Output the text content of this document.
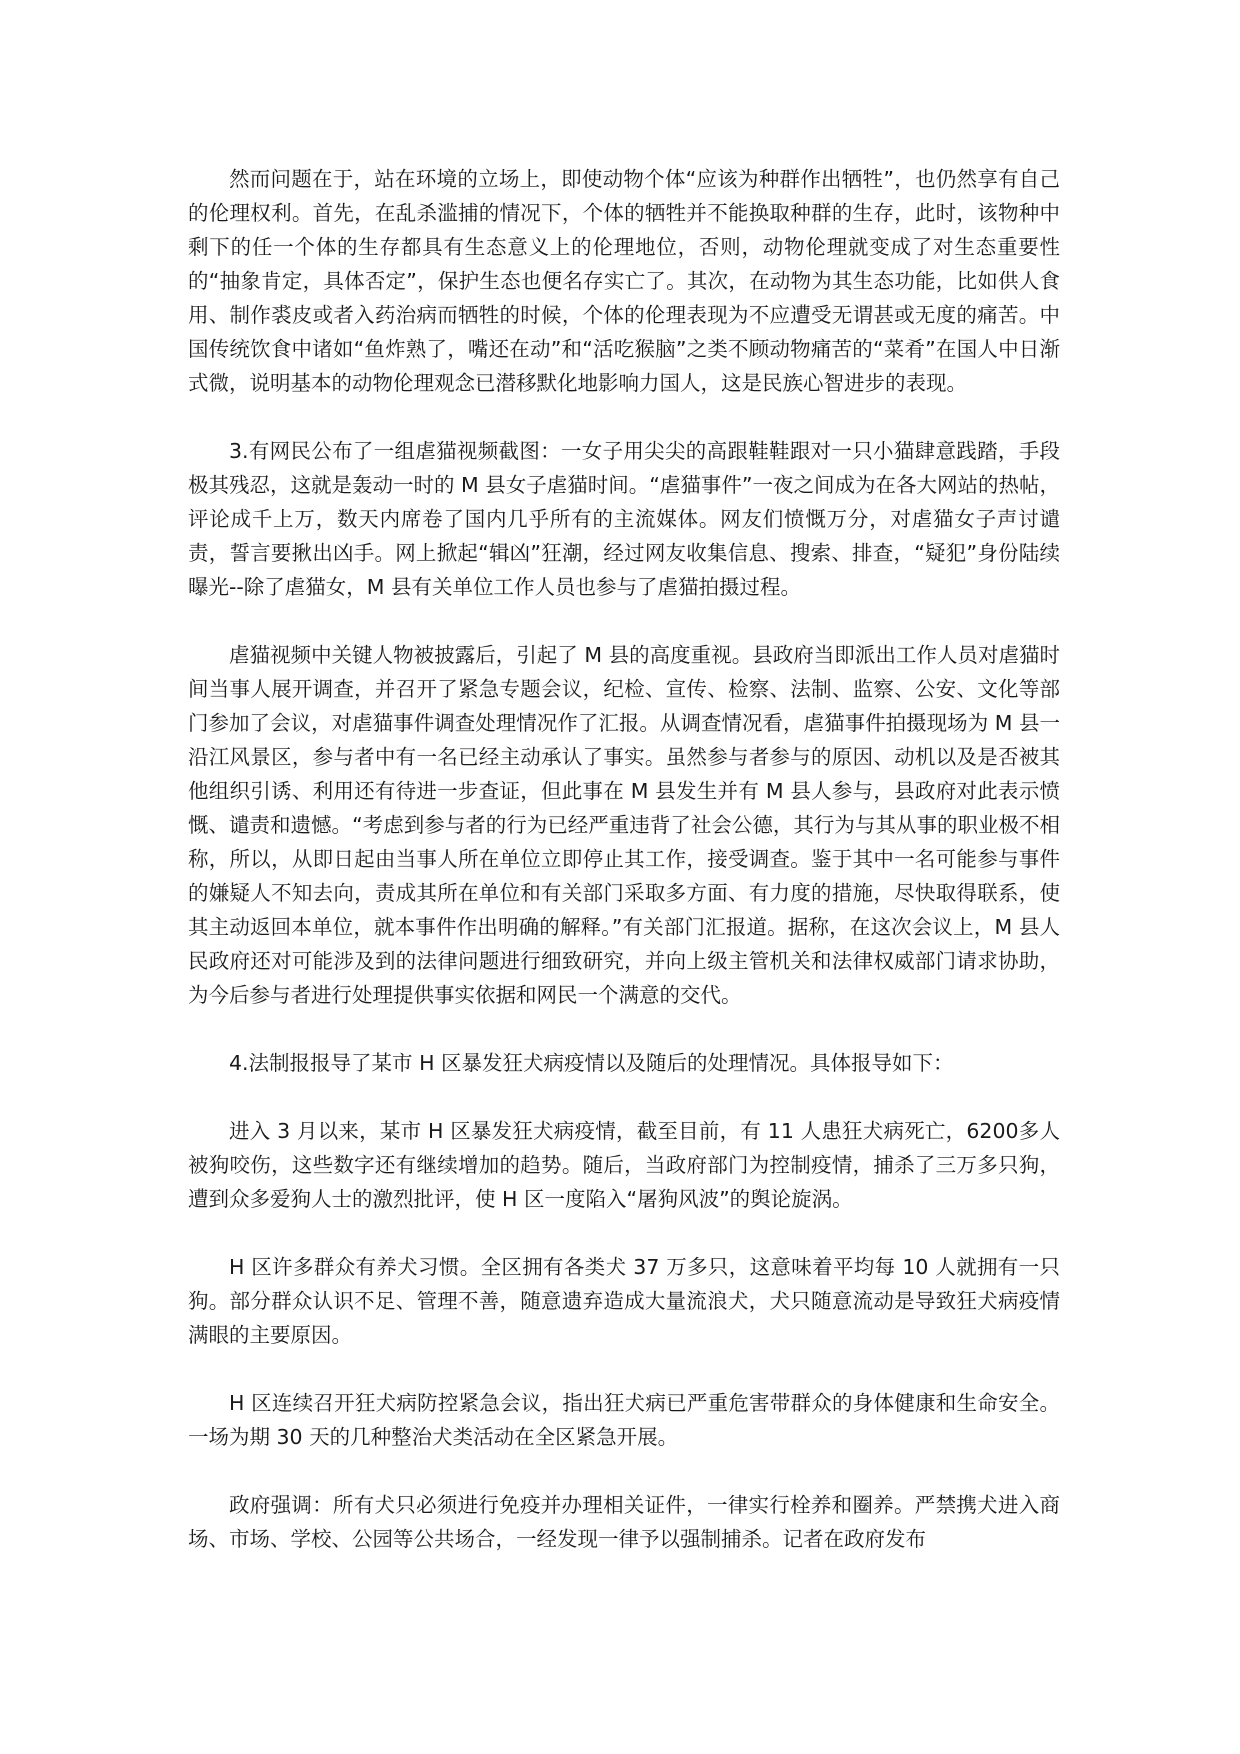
然而问题在于，站在环境的立场上，即使动物个体“应该为种群作出牺牲”，也仍然享有自己的伦理权利。首先，在乱杀滥捕的情况下，个体的牺牲并不能换取种群的生存，此时，该物种中剩下的任一个体的生存都具有生态意义上的伦理地位，否则，动物伦理就变成了对生态重要性的“抽象肯定，具体否定”，保护生态也便名存实亡了。其次，在动物为其生态功能，比如供人食用、制作裘皮或者入药治病而牺牲的时候，个体的伦理表现为不应遭受无谓甚或无度的痛苦。中国传统饮食中诸如“鱼炸熟了，嘴还在动”和“活吃猴脑”之类不顾动物痛苦的“菜肴”在国人中日渐式微，说明基本的动物伦理观念已潜移默化地影响力国人，这是民族心智进步的表现。

3.有网民公布了一组虐猫视频截图：一女子用尖尖的高跟鞋鞋跟对一只小猫肆意践踏，手段极其残忍，这就是轰动一时的 M 县女子虐猫时间。“虐猫事件”一夜之间成为在各大网站的热帖，评论成千上万，数天内席卷了国内几乎所有的主流媒体。网友们愤慨万分，对虐猫女子声讨谴责，誓言要揪出凶手。网上掀起“辑凶”狂潮，经过网友收集信息、搜索、排查，“疑犯”身份陆续曝光--除了虐猫女，M 县有关单位工作人员也参与了虐猫拍摄过程。

虐猫视频中关键人物被披露后，引起了 M 县的高度重视。县政府当即派出工作人员对虐猫时间当事人展开调查，并召开了紧急专题会议，纪检、宣传、检察、法制、监察、公安、文化等部门参加了会议，对虐猫事件调查处理情况作了汇报。从调查情况看，虐猫事件拍摄现场为 M 县一沿江风景区，参与者中有一名已经主动承认了事实。虽然参与者参与的原因、动机以及是否被其他组织引诱、利用还有待进一步查证，但此事在 M 县发生并有 M 县人参与，县政府对此表示愤慨、谴责和遗憾。“考虑到参与者的行为已经严重违背了社会公德，其行为与其从事的职业极不相称，所以，从即日起由当事人所在单位立即停止其工作，接受调查。鉴于其中一名可能参与事件的嫌疑人不知去向，责成其所在单位和有关部门采取多方面、有力度的措施，尽快取得联系，使其主动返回本单位，就本事件作出明确的解释。”有关部门汇报道。据称，在这次会议上，M 县人民政府还对可能涉及到的法律问题进行细致研究，并向上级主管机关和法律权威部门请求协助，为今后参与者进行处理提供事实依据和网民一个满意的交代。

4.法制报报导了某市 H 区暴发狂犬病疫情以及随后的处理情况。具体报导如下：

进入 3 月以来，某市 H 区暴发狂犬病疫情，截至目前，有 11 人患狂犬病死亡，6200多人被狗咬伤，这些数字还有继续增加的趋势。随后，当政府部门为控制疫情，捕杀了三万多只狗，遭到众多爱狗人士的激烈批评，使 H 区一度陷入“屠狗风波”的舆论旋涡。

H 区许多群众有养犬习惯。全区拥有各类犬 37 万多只，这意味着平均每 10 人就拥有一只狗。部分群众认识不足、管理不善，随意遗弃造成大量流浪犬，犬只随意流动是导致狂犬病疫情满眼的主要原因。

H 区连续召开狂犬病防控紧急会议，指出狂犬病已严重危害带群众的身体健康和生命安全。一场为期 30 天的几种整治犬类活动在全区紧急开展。

政府强调：所有犬只必须进行免疫并办理相关证件，一律实行栓养和圈养。严禁携犬进入商场、市场、学校、公园等公共场合，一经发现一律予以强制捕杀。记者在政府发布
